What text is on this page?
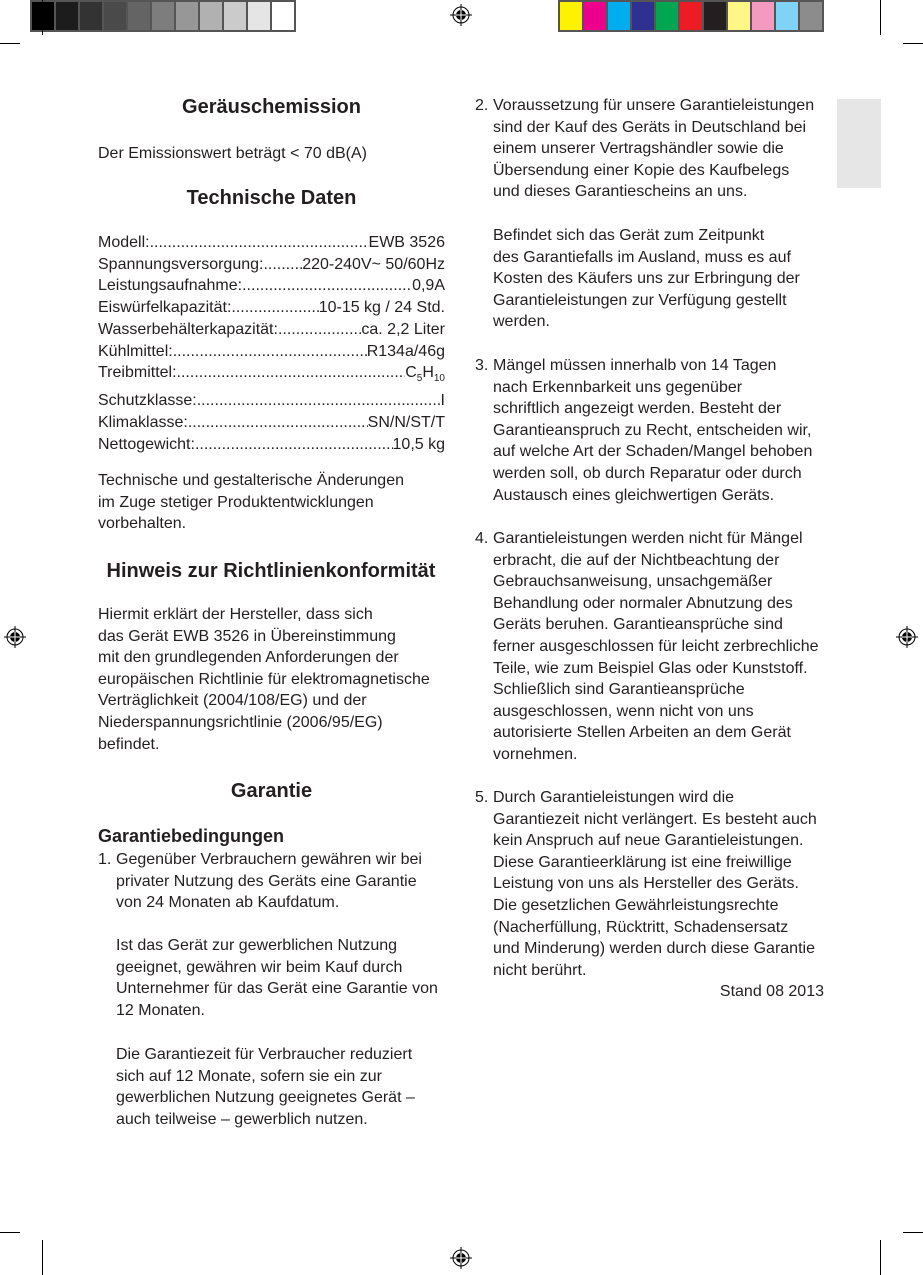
Geräuschemission
Der Emissionswert beträgt < 70 dB(A)
Technische Daten
Modell: .....	EWB 3526
Spannungsversorgung: ..... 220-240V~ 50/60Hz
Leistungsaufnahme: .....	0,9A
Eiswürfelkapazität: .....	10-15 kg / 24 Std.
Wasserbehälterkapazität: .....	ca. 2,2 Liter
Kühlmittel: .....	R134a/46g
Treibmittel: .....	$C_5H_{10}$
Schutzklasse: .....	I
Klimaklasse: .....	SN/N/ST/T
Nettogewicht: .....	10,5 kg
Technische und gestalterische Änderungen
im Zuge stetiger Produktentwicklungen
vorbehalten.
Hinweis zur Richtlinienkonformität
Hiermit erklärt der Hersteller, dass sich
das Gerät EWB 3526 in Übereinstimmung
mit den grundlegenden Anforderungen der
europäischen Richtlinie für elektromagnetische
Verträglichkeit (2004/108/EG) und der
Niederspannungsrichtlinie (2006/95/EG)
befindet.
Garantie
Garantiebedingungen
1. Gegenüber Verbrauchern gewähren wir bei
privater Nutzung des Geräts eine Garantie
von 24 Monaten ab Kaufdatum.
Ist das Gerät zur gewerblichen Nutzung
geeignet, gewähren wir beim Kauf durch
Unternehmer für das Gerät eine Garantie von
12 Monaten.
Die Garantiezeit für Verbraucher reduziert
sich auf 12 Monate, sofern sie ein zur
gewerblichen Nutzung geeignetes Gerät –
auch teilweise – gewerblich nutzen.
2. Voraussetzung für unsere Garantieleistungen
sind der Kauf des Geräts in Deutschland bei
einem unserer Vertragshändler sowie die
Übersendung einer Kopie des Kaufbelegs
und dieses Garantiescheins an uns.
Befindet sich das Gerät zum Zeitpunkt
des Garantiefalls im Ausland, muss es auf
Kosten des Käufers uns zur Erbringung der
Garantieleistungen zur Verfügung gestellt
werden.
3. Mängel müssen innerhalb von 14 Tagen
nach Erkennbarkeit uns gegenüber
schriftlich angezeigt werden. Besteht der
Garantieanspruch zu Recht, entscheiden wir,
auf welche Art der Schaden/Mangel behoben
werden soll, ob durch Reparatur oder durch
Austausch eines gleichwertigen Geräts.
4. Garantieleistungen werden nicht für Mängel
erbracht, die auf der Nichtbeachtung der
Gebrauchsanweisung, unsachgemäßer
Behandlung oder normaler Abnutzung des
Geräts beruhen. Garantieansprüche sind
ferner ausgeschlossen für leicht zerbrechliche
Teile, wie zum Beispiel Glas oder Kunststoff.
Schließlich sind Garantieansprüche
ausgeschlossen, wenn nicht von uns
autorisierte Stellen Arbeiten an dem Gerät
vornehmen.
5. Durch Garantieleistungen wird die
Garantiezeit nicht verlängert. Es besteht auch
kein Anspruch auf neue Garantieleistungen.
Diese Garantieerklärung ist eine freiwillige
Leistung von uns als Hersteller des Geräts.
Die gesetzlichen Gewährleistungsrechte
(Nacherfüllung, Rücktritt, Schadensersatz
und Minderung) werden durch diese Garantie
nicht berührt.
Stand 08 2013
